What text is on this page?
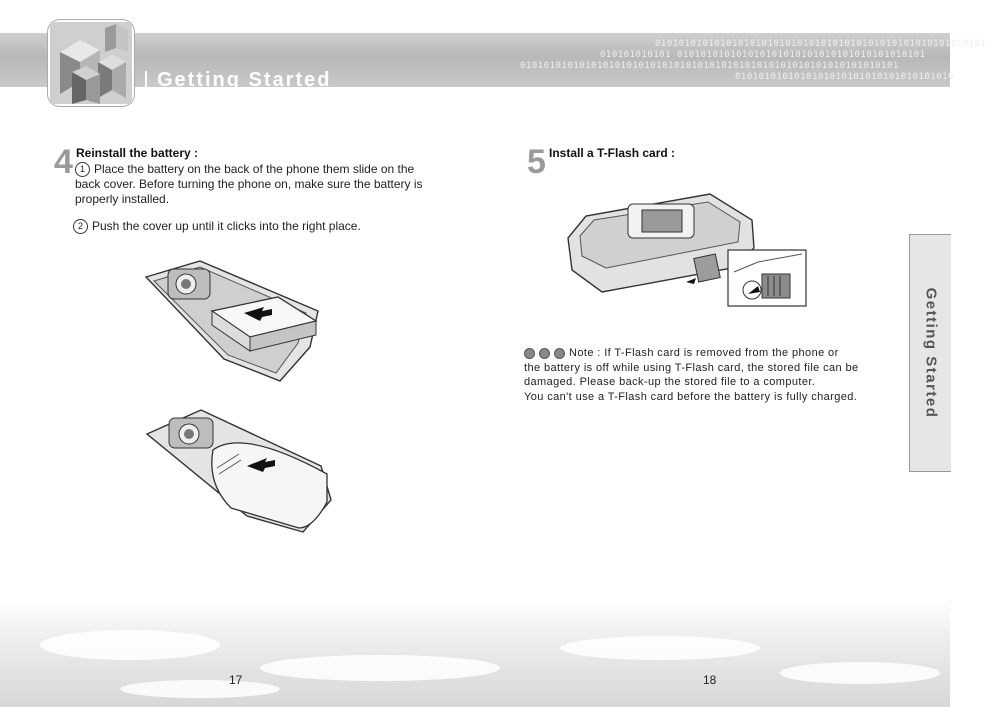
01010101010101010101010101010101010101010101010101010101
010101010101 010101010101010101010101010101010101010101
0101010101010101010101010101010101010101010101010101010101010101
0101010101010101010101010101010101010
Getting Started
Getting Started
4 Reinstall the battery :
1 Place the battery on the back of the phone them slide on the back cover. Before turning the phone on, make sure the battery is properly installed.
2 Push the cover up until it clicks into the right place.
5 Install a T-Flash card :
Note : If T-Flash card is removed from the phone or
the battery is off while using T-Flash card, the stored file can be
damaged. Please back-up the stored file to a computer.
You can't use a T-Flash card before the battery is fully charged.
17	18
